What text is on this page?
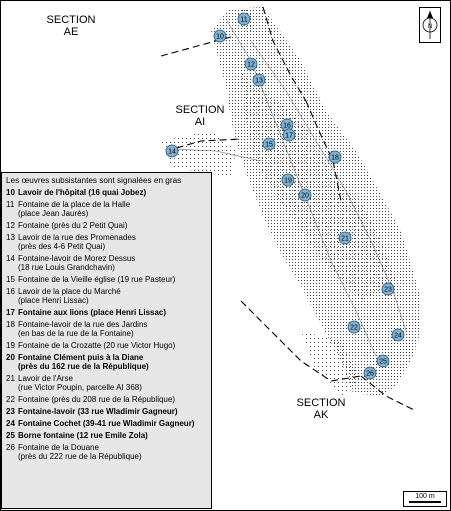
11
10
12
13
16
17
15
14
18
19
20
21
23
24
22
25
26
SECTION
AE
SECTION
AI
SECTION
AK
N
Les œuvres subsistantes sont signalées en gras
10 Lavoir de l'hôpital (16 quai Jobez)
11 Fontaine de la place de la Halle
(place Jean Jaurès)
12 Fontaine (près du 2 Petit Quai)
13 Lavoir de la rue des Promenades
(près des 4-6 Petit Quai)
14 Fontaine-lavoir de Morez Dessus
(18 rue Louis Grandchavin)
15 Fontaine de la Vieille église (19 rue Pasteur)
16 Lavoir de la place du Marché
(place Henri Lissac)
17 Fontaine aux lions (place Henri Lissac)
18 Fontaine-lavoir de la rue des Jardins
(en bas de la rue de la Fontaine)
19 Fontaine de la Crozatte (20 rue Victor Hugo)
20 Fontaine Clément puis à la Diane
(près du 162 rue de la République)
21 Lavoir de l'Arse
(rue Victor Poupin, parcelle AI 368)
22 Fontaine (près du 208 rue de la République)
23 Fontaine-lavoir (33 rue Wladimir Gagneur)
24 Fontaine Cochet (39-41 rue Wladimir Gagneur)
25 Borne fontaine (12 rue Emile Zola)
26 Fontaine de la Douane
(près du 222 rue de la République)
100 m
